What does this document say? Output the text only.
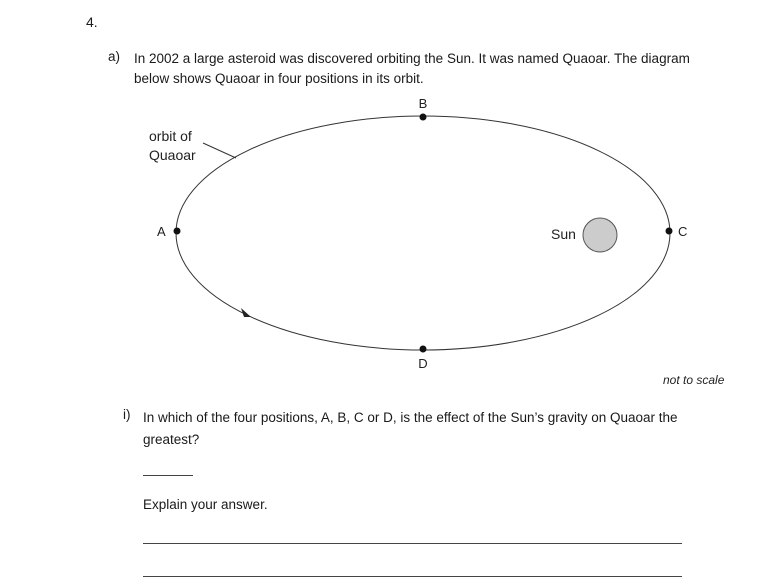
4.
a) In 2002 a large asteroid was discovered orbiting the Sun. It was named Quaoar. The diagram
below shows Quaoar in four positions in its orbit.
orbit of
Quaoar
B
A	C
D
Sun
not to scale
i) In which of the four positions, A, B, C or D, is the effect of the Sun’s gravity on Quaoar the
greatest?
Explain your answer.
